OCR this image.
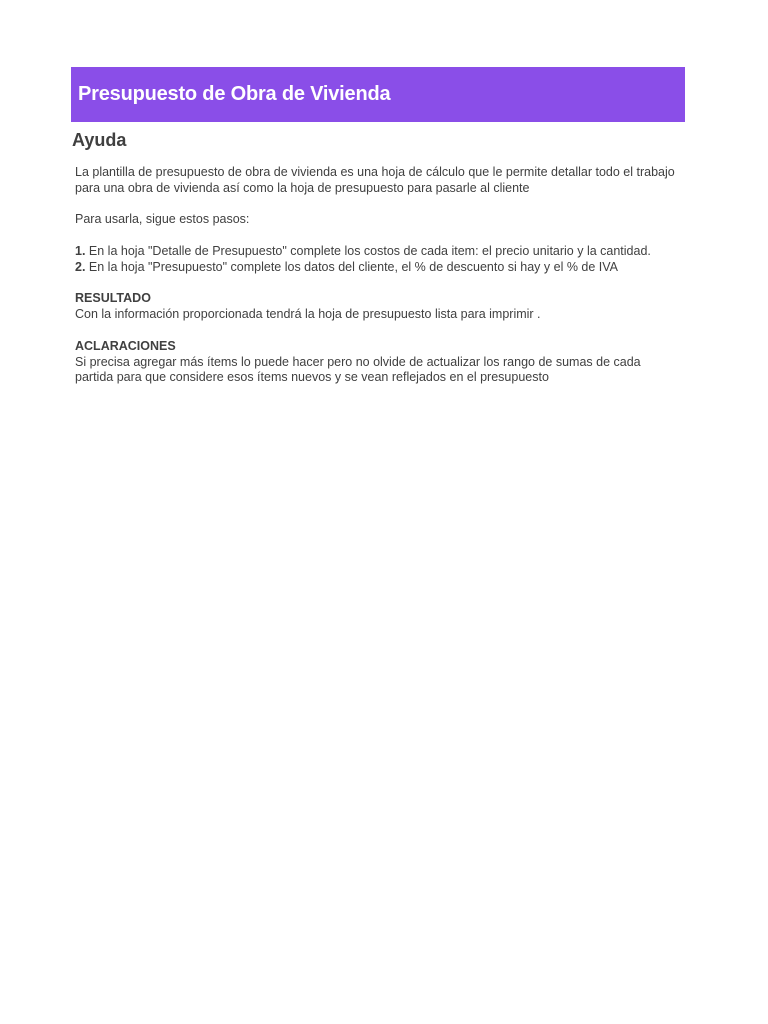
Presupuesto de Obra de Vivienda
Ayuda

La plantilla de presupuesto de obra de vivienda es una hoja de cálculo que le permite detallar todo el trabajo para una obra de vivienda así como la hoja de presupuesto para pasarle al cliente

Para usarla, sigue estos pasos:

1. En la hoja "Detalle de Presupuesto" complete los costos de cada item: el precio unitario y la cantidad.

2. En la hoja "Presupuesto" complete los datos del cliente, el % de descuento si hay y el % de IVA

RESULTADO

Con la información proporcionada tendrá la hoja de presupuesto lista para imprimir .

ACLARACIONES

Si precisa agregar más ítems lo puede hacer pero no olvide de actualizar los rango de sumas de cada partida para que considere esos ítems nuevos y se vean reflejados en el presupuesto
